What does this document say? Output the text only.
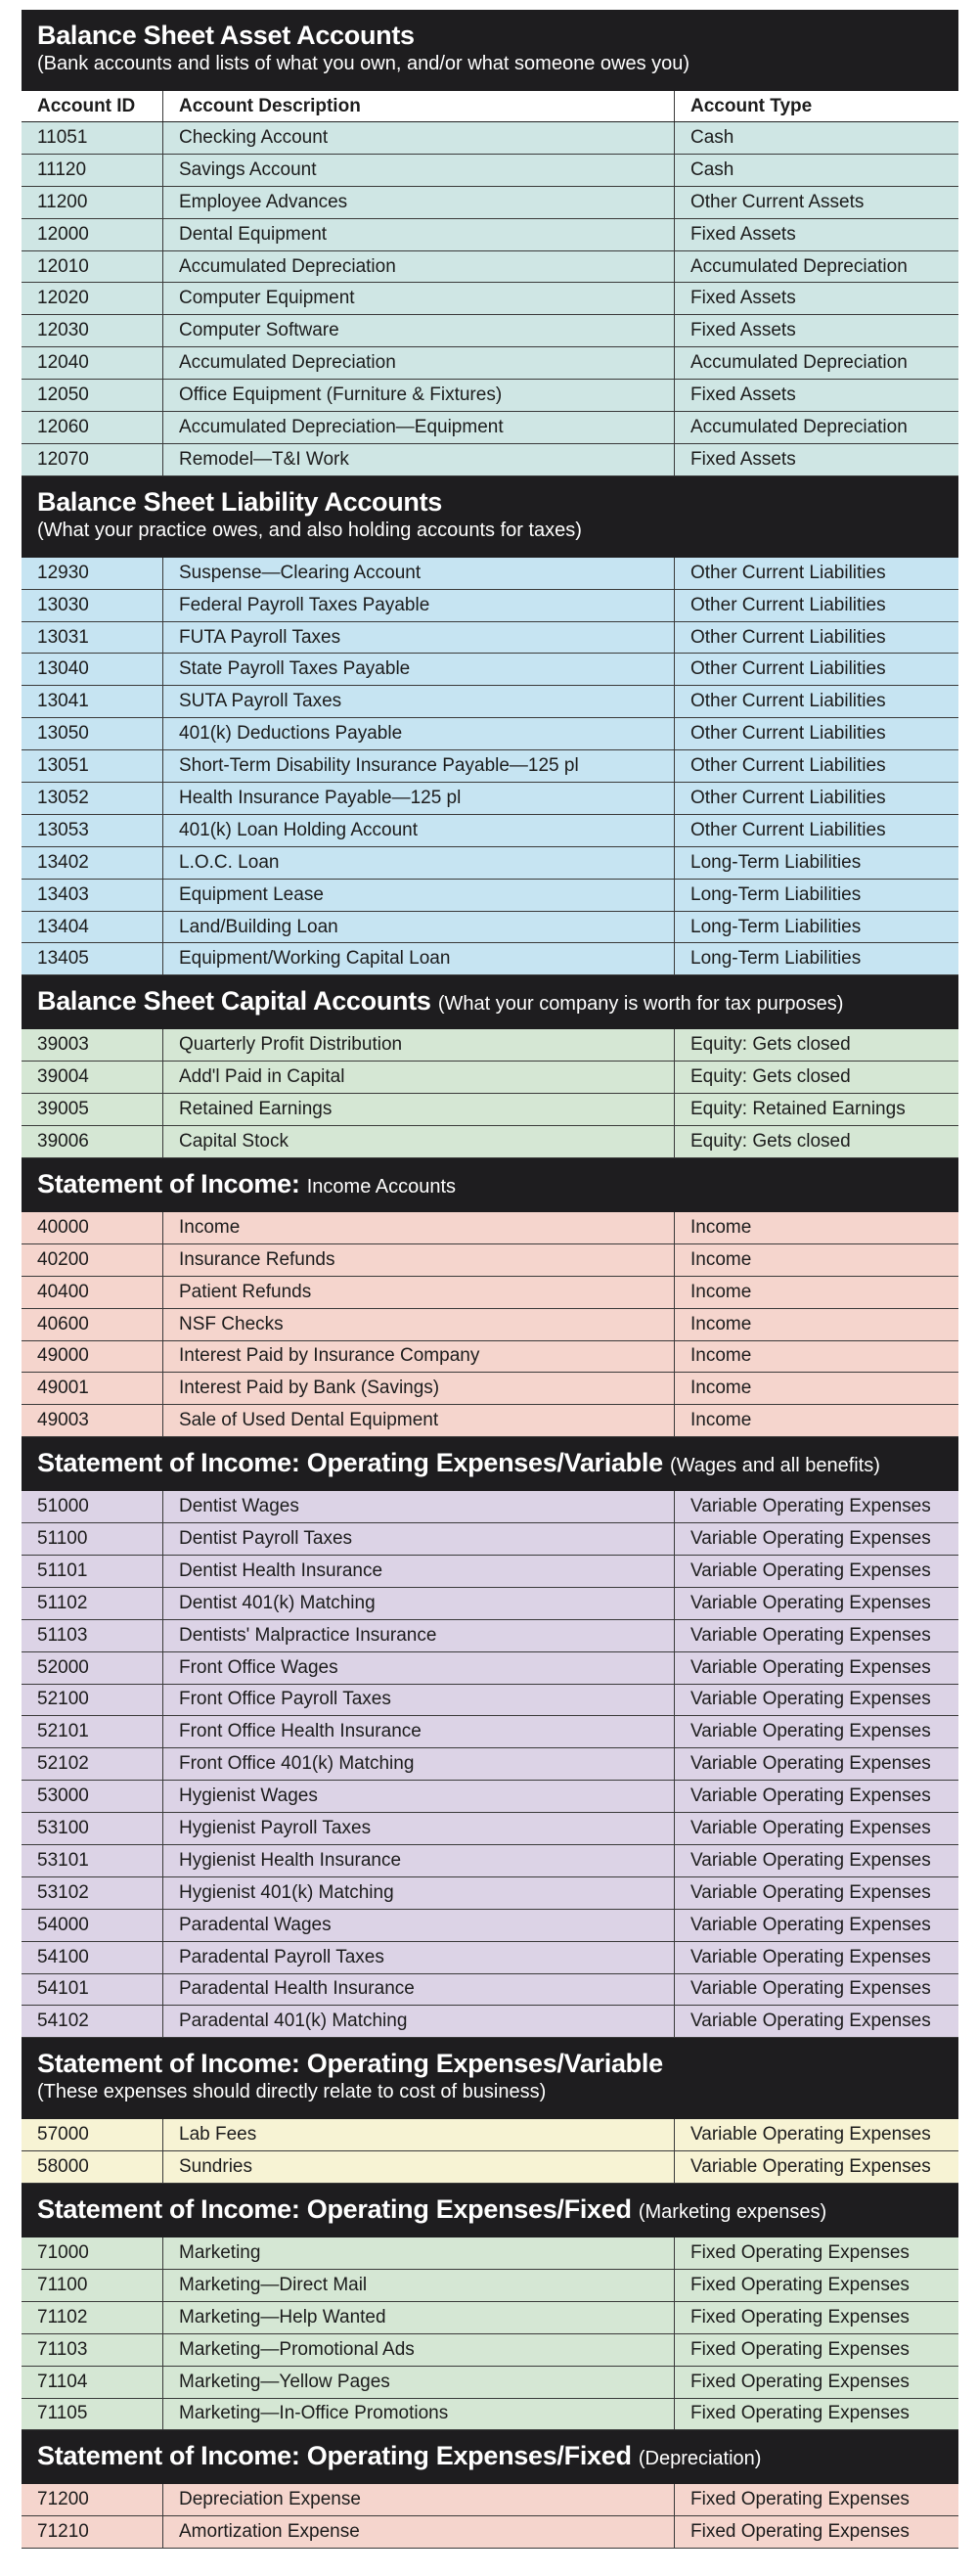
Balance Sheet Asset Accounts
(Bank accounts and lists of what you own, and/or what someone owes you)
Account ID	Account Description	Account Type
11051	Checking Account	Cash
11120	Savings Account	Cash
11200	Employee Advances	Other Current Assets
12000	Dental Equipment	Fixed Assets
12010	Accumulated Depreciation	Accumulated Depreciation
12020	Computer Equipment	Fixed Assets
12030	Computer Software	Fixed Assets
12040	Accumulated Depreciation	Accumulated Depreciation
12050	Office Equipment (Furniture & Fixtures)	Fixed Assets
12060	Accumulated Depreciation—Equipment	Accumulated Depreciation
12070	Remodel—T&I Work	Fixed Assets
Balance Sheet Liability Accounts
(What your practice owes, and also holding accounts for taxes)
12930	Suspense—Clearing Account	Other Current Liabilities
13030	Federal Payroll Taxes Payable	Other Current Liabilities
13031	FUTA Payroll Taxes	Other Current Liabilities
13040	State Payroll Taxes Payable	Other Current Liabilities
13041	SUTA Payroll Taxes	Other Current Liabilities
13050	401(k) Deductions Payable	Other Current Liabilities
13051	Short-Term Disability Insurance Payable—125 pl	Other Current Liabilities
13052	Health Insurance Payable—125 pl	Other Current Liabilities
13053	401(k) Loan Holding Account	Other Current Liabilities
13402	L.O.C. Loan	Long-Term Liabilities
13403	Equipment Lease	Long-Term Liabilities
13404	Land/Building Loan	Long-Term Liabilities
13405	Equipment/Working Capital Loan	Long-Term Liabilities
Balance Sheet Capital Accounts (What your company is worth for tax purposes)
39003	Quarterly Profit Distribution	Equity: Gets closed
39004	Add'l Paid in Capital	Equity: Gets closed
39005	Retained Earnings	Equity: Retained Earnings
39006	Capital Stock	Equity: Gets closed
Statement of Income: Income Accounts
40000	Income	Income
40200	Insurance Refunds	Income
40400	Patient Refunds	Income
40600	NSF Checks	Income
49000	Interest Paid by Insurance Company	Income
49001	Interest Paid by Bank (Savings)	Income
49003	Sale of Used Dental Equipment	Income
Statement of Income: Operating Expenses/Variable (Wages and all benefits)
51000	Dentist Wages	Variable Operating Expenses
51100	Dentist Payroll Taxes	Variable Operating Expenses
51101	Dentist Health Insurance	Variable Operating Expenses
51102	Dentist 401(k) Matching	Variable Operating Expenses
51103	Dentists' Malpractice Insurance	Variable Operating Expenses
52000	Front Office Wages	Variable Operating Expenses
52100	Front Office Payroll Taxes	Variable Operating Expenses
52101	Front Office Health Insurance	Variable Operating Expenses
52102	Front Office 401(k) Matching	Variable Operating Expenses
53000	Hygienist Wages	Variable Operating Expenses
53100	Hygienist Payroll Taxes	Variable Operating Expenses
53101	Hygienist Health Insurance	Variable Operating Expenses
53102	Hygienist 401(k) Matching	Variable Operating Expenses
54000	Paradental Wages	Variable Operating Expenses
54100	Paradental Payroll Taxes	Variable Operating Expenses
54101	Paradental Health Insurance	Variable Operating Expenses
54102	Paradental 401(k) Matching	Variable Operating Expenses
Statement of Income: Operating Expenses/Variable
(These expenses should directly relate to cost of business)
57000	Lab Fees	Variable Operating Expenses
58000	Sundries	Variable Operating Expenses
Statement of Income: Operating Expenses/Fixed (Marketing expenses)
71000	Marketing	Fixed Operating Expenses
71100	Marketing—Direct Mail	Fixed Operating Expenses
71102	Marketing—Help Wanted	Fixed Operating Expenses
71103	Marketing—Promotional Ads	Fixed Operating Expenses
71104	Marketing—Yellow Pages	Fixed Operating Expenses
71105	Marketing—In-Office Promotions	Fixed Operating Expenses
Statement of Income: Operating Expenses/Fixed (Depreciation)
71200	Depreciation Expense	Fixed Operating Expenses
71210	Amortization Expense	Fixed Operating Expenses
